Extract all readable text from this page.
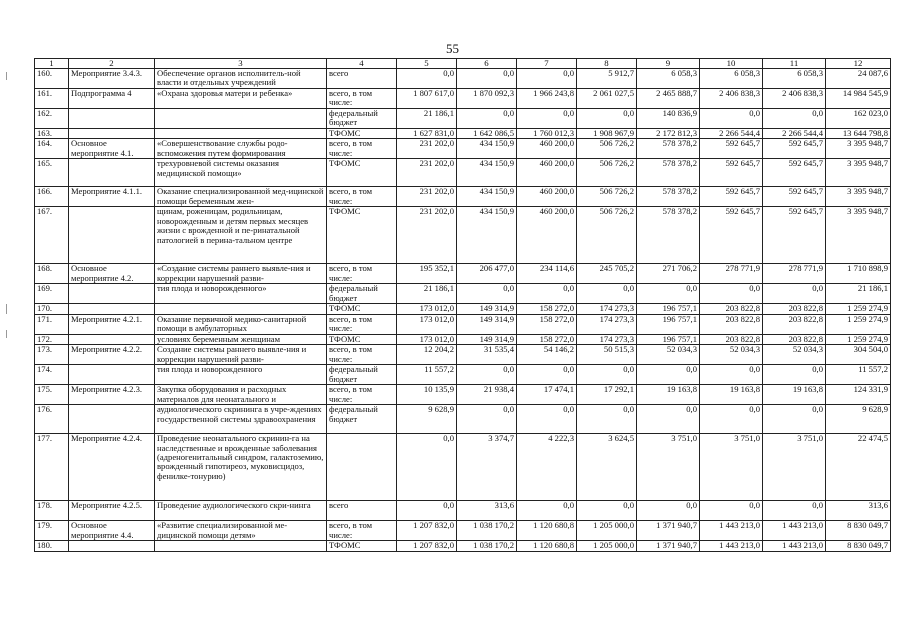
55
1	2	3	4	5	6	7	8	9	10	11	12
160.	Мероприятие 3.4.3.	Обеспечение органов исполнитель-ной власти и отдельных учреждений	всего	0,0	0,0	0,0	5 912,7	6 058,3	6 058,3	6 058,3	24 087,6
161.	Подпрограмма 4	«Охрана здоровья матери и ребенка»	всего, в том числе:	1 807 617,0	1 870 092,3	1 966 243,8	2 061 027,5	2 465 888,7	2 406 838,3	2 406 838,3	14 984 545,9
162.			федеральный бюджет	21 186,1	0,0	0,0	0,0	140 836,9	0,0	0,0	162 023,0
163.			ТФОМС	1 627 831,0	1 642 086,5	1 760 012,3	1 908 967,9	2 172 812,3	2 266 544,4	2 266 544,4	13 644 798,8
164.	Основное мероприятие 4.1.	«Совершенствование службы родо-вспоможения путем формирования	всего, в том числе:	231 202,0	434 150,9	460 200,0	506 726,2	578 378,2	592 645,7	592 645,7	3 395 948,7
165.		трехуровневой системы оказания медицинской помощи»	ТФОМС	231 202,0	434 150,9	460 200,0	506 726,2	578 378,2	592 645,7	592 645,7	3 395 948,7
166.	Мероприятие 4.1.1.	Оказание специализированной мед-ицинской помощи беременным жен-	всего, в том числе:	231 202,0	434 150,9	460 200,0	506 726,2	578 378,2	592 645,7	592 645,7	3 395 948,7
167.		щинам, роженицам, родильницам, новорожденным и детям первых месяцев жизни с врожденной и пе-ринатальной патологией в перина-тальном центре	ТФОМС	231 202,0	434 150,9	460 200,0	506 726,2	578 378,2	592 645,7	592 645,7	3 395 948,7
168.	Основное мероприятие 4.2.	«Создание системы раннего выявле-ния и коррекции нарушений разви-	всего, в том числе:	195 352,1	206 477,0	234 114,6	245 705,2	271 706,2	278 771,9	278 771,9	1 710 898,9
169.		тия плода и новорожденного»	федеральный бюджет	21 186,1	0,0	0,0	0,0	0,0	0,0	0,0	21 186,1
170.			ТФОМС	173 012,0	149 314,9	158 272,0	174 273,3	196 757,1	203 822,8	203 822,8	1 259 274,9
171.	Мероприятие 4.2.1.	Оказание первичной медико-санитарной помощи в амбулаторных	всего, в том числе:	173 012,0	149 314,9	158 272,0	174 273,3	196 757,1	203 822,8	203 822,8	1 259 274,9
172.		условиях беременным женщинам	ТФОМС	173 012,0	149 314,9	158 272,0	174 273,3	196 757,1	203 822,8	203 822,8	1 259 274,9
173.	Мероприятие 4.2.2.	Создание системы раннего выявле-ния и коррекции нарушений разви-	всего, в том числе:	12 204,2	31 535,4	54 146,2	50 515,3	52 034,3	52 034,3	52 034,3	304 504,0
174.		тия плода и новорожденного	федеральный бюджет	11 557,2	0,0	0,0	0,0	0,0	0,0	0,0	11 557,2
175.	Мероприятие 4.2.3.	Закупка оборудования и расходных материалов для неонатального и	всего, в том числе:	10 135,9	21 938,4	17 474,1	17 292,1	19 163,8	19 163,8	19 163,8	124 331,9
176.		аудиологического скрининга в учре-ждениях государственной системы здравоохранения	федеральный бюджет	9 628,9	0,0	0,0	0,0	0,0	0,0	0,0	9 628,9
177.	Мероприятие 4.2.4.	Проведение неонатального скринин-га на наследственные и врожденные заболевания (адреногенитальный синдром, галактоземию, врожденный гипотиреоз, муковисцидоз, фенилке-тонурию)		0,0	3 374,7	4 222,3	3 624,5	3 751,0	3 751,0	3 751,0	22 474,5
178.	Мероприятие 4.2.5.	Проведение аудиологического скри-нинга	всего	0,0	313,6	0,0	0,0	0,0	0,0	0,0	313,6
179.	Основное мероприятие 4.4.	«Развитие специализированной ме-дицинской помощи детям»	всего, в том числе:	1 207 832,0	1 038 170,2	1 120 680,8	1 205 000,0	1 371 940,7	1 443 213,0	1 443 213,0	8 830 049,7
180.			ТФОМС	1 207 832,0	1 038 170,2	1 120 680,8	1 205 000,0	1 371 940,7	1 443 213,0	1 443 213,0	8 830 049,7
